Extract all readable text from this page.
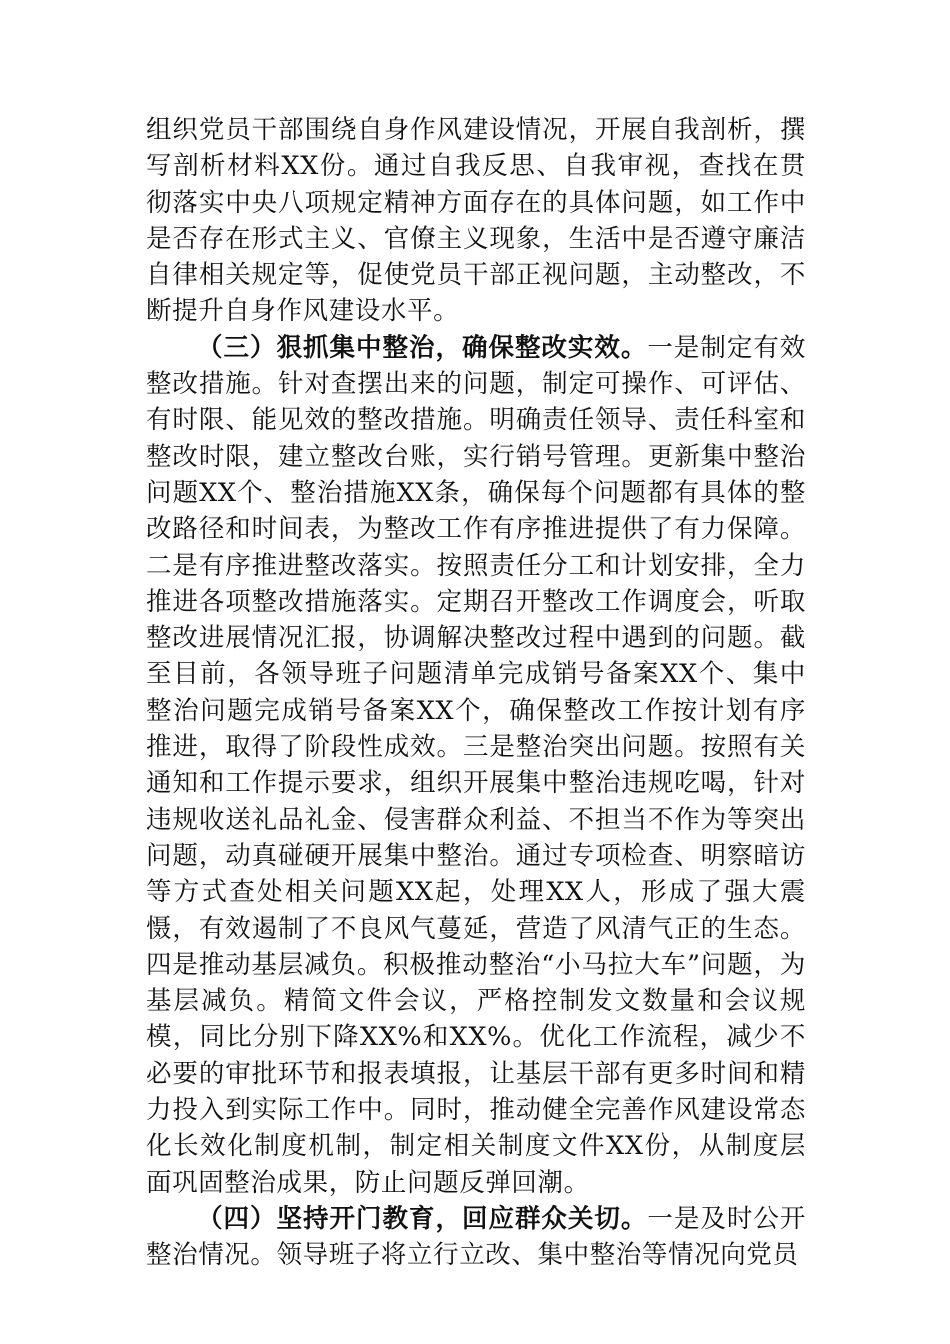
组织党员干部围绕自身作风建设情况，开展自我剖析，撰写剖析材料XX份。通过自我反思、自我审视，查找在贯彻落实中央八项规定精神方面存在的具体问题，如工作中是否存在形式主义、官僚主义现象，生活中是否遵守廉洁自律相关规定等，促使党员干部正视问题，主动整改，不断提升自身作风建设水平。

（三）狠抓集中整治，确保整改实效。一是制定有效整改措施。针对查摆出来的问题，制定可操作、可评估、有时限、能见效的整改措施。明确责任领导、责任科室和整改时限，建立整改台账，实行销号管理。更新集中整治问题XX个、整治措施XX条，确保每个问题都有具体的整改路径和时间表，为整改工作有序推进提供了有力保障。二是有序推进整改落实。按照责任分工和计划安排，全力推进各项整改措施落实。定期召开整改工作调度会，听取整改进展情况汇报，协调解决整改过程中遇到的问题。截至目前，各领导班子问题清单完成销号备案XX个、集中整治问题完成销号备案XX个，确保整改工作按计划有序推进，取得了阶段性成效。三是整治突出问题。按照有关通知和工作提示要求，组织开展集中整治违规吃喝，针对违规收送礼品礼金、侵害群众利益、不担当不作为等突出问题，动真碰硬开展集中整治。通过专项检查、明察暗访等方式查处相关问题XX起，处理XX人，形成了强大震慑，有效遏制了不良风气蔓延，营造了风清气正的生态。四是推动基层减负。积极推动整治“小马拉大车”问题，为基层减负。精简文件会议，严格控制发文数量和会议规模，同比分别下降XX%和XX%。优化工作流程，减少不必要的审批环节和报表填报，让基层干部有更多时间和精力投入到实际工作中。同时，推动健全完善作风建设常态化长效化制度机制，制定相关制度文件XX份，从制度层面巩固整治成果，防止问题反弹回潮。

（四）坚持开门教育，回应群众关切。一是及时公开整治情况。领导班子将立行立改、集中整治等情况向党员
